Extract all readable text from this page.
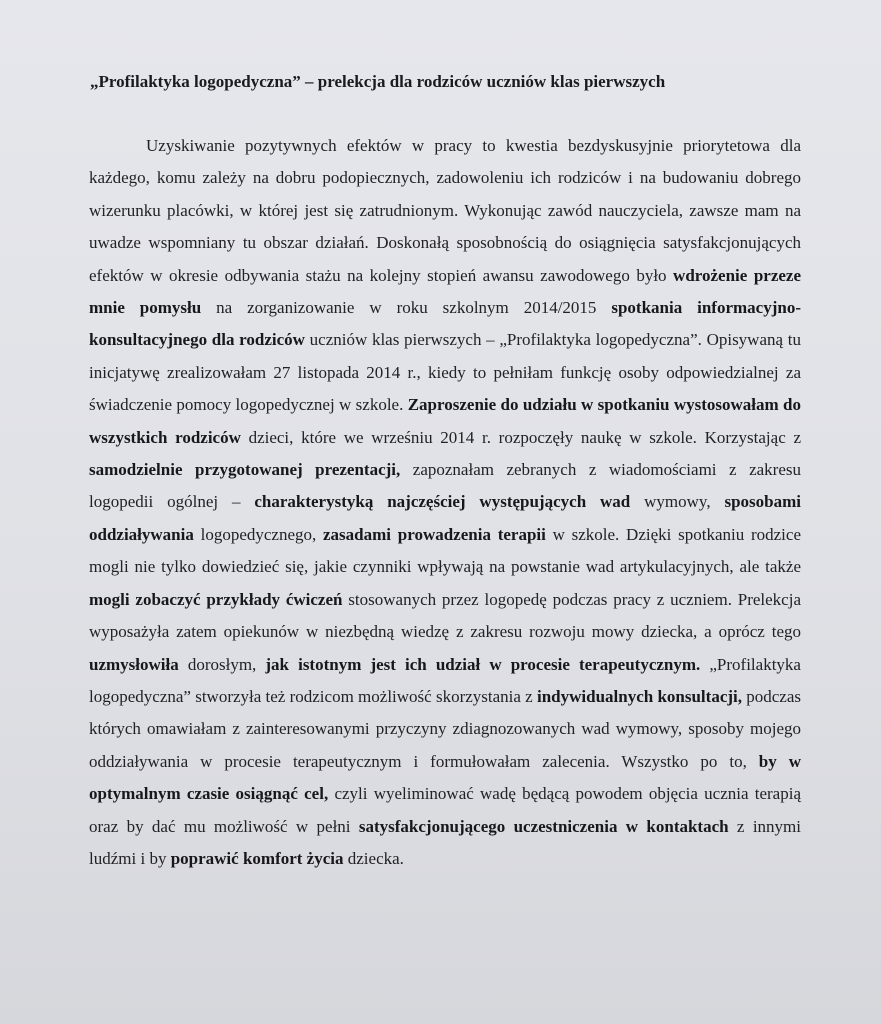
„Profilaktyka logopedyczna” – prelekcja dla rodziców uczniów klas pierwszych

Uzyskiwanie pozytywnych efektów w pracy to kwestia bezdyskusyjnie priorytetowa dla każdego, komu zależy na dobru podopiecznych, zadowoleniu ich rodziców i na budowaniu dobrego wizerunku placówki, w której jest się zatrudnionym. Wykonując zawód nauczyciela, zawsze mam na uwadze wspomniany tu obszar działań. Doskonałą sposobnością do osiągnięcia satysfakcjonujących efektów w okresie odbywania stażu na kolejny stopień awansu zawodowego było wdrożenie przeze mnie pomysłu na zorganizowanie w roku szkolnym 2014/2015 spotkania informacyjno-konsultacyjnego dla rodziców uczniów klas pierwszych – „Profilaktyka logopedyczna”. Opisywaną tu inicjatywę zrealizowałam 27 listopada 2014 r., kiedy to pełniłam funkcję osoby odpowiedzialnej za świadczenie pomocy logopedycznej w szkole. Zaproszenie do udziału w spotkaniu wystosowałam do wszystkich rodziców dzieci, które we wrześniu 2014 r. rozpoczęły naukę w szkole. Korzystając z samodzielnie przygotowanej prezentacji, zapoznałam zebranych z wiadomościami z zakresu logopedii ogólnej – charakterystyką najczęściej występujących wad wymowy, sposobami oddziaływania logopedycznego, zasadami prowadzenia terapii w szkole. Dzięki spotkaniu rodzice mogli nie tylko dowiedzieć się, jakie czynniki wpływają na powstanie wad artykulacyjnych, ale także mogli zobaczyć przykłady ćwiczeń stosowanych przez logopedę podczas pracy z uczniem. Prelekcja wyposażyła zatem opiekunów w niezbędną wiedzę z zakresu rozwoju mowy dziecka, a oprócz tego uzmysłowiła dorosłym, jak istotnym jest ich udział w procesie terapeutycznym. „Profilaktyka logopedyczna” stworzyła też rodzicom możliwość skorzystania z indywidualnych konsultacji, podczas których omawiałam z zainteresowanymi przyczyny zdiagnozowanych wad wymowy, sposoby mojego oddziaływania w procesie terapeutycznym i formułowałam zalecenia. Wszystko po to, by w optymalnym czasie osiągnąć cel, czyli wyeliminować wadę będącą powodem objęcia ucznia terapią oraz by dać mu możliwość w pełni satysfakcjonującego uczestniczenia w kontaktach z innymi ludźmi i by poprawić komfort życia dziecka.
